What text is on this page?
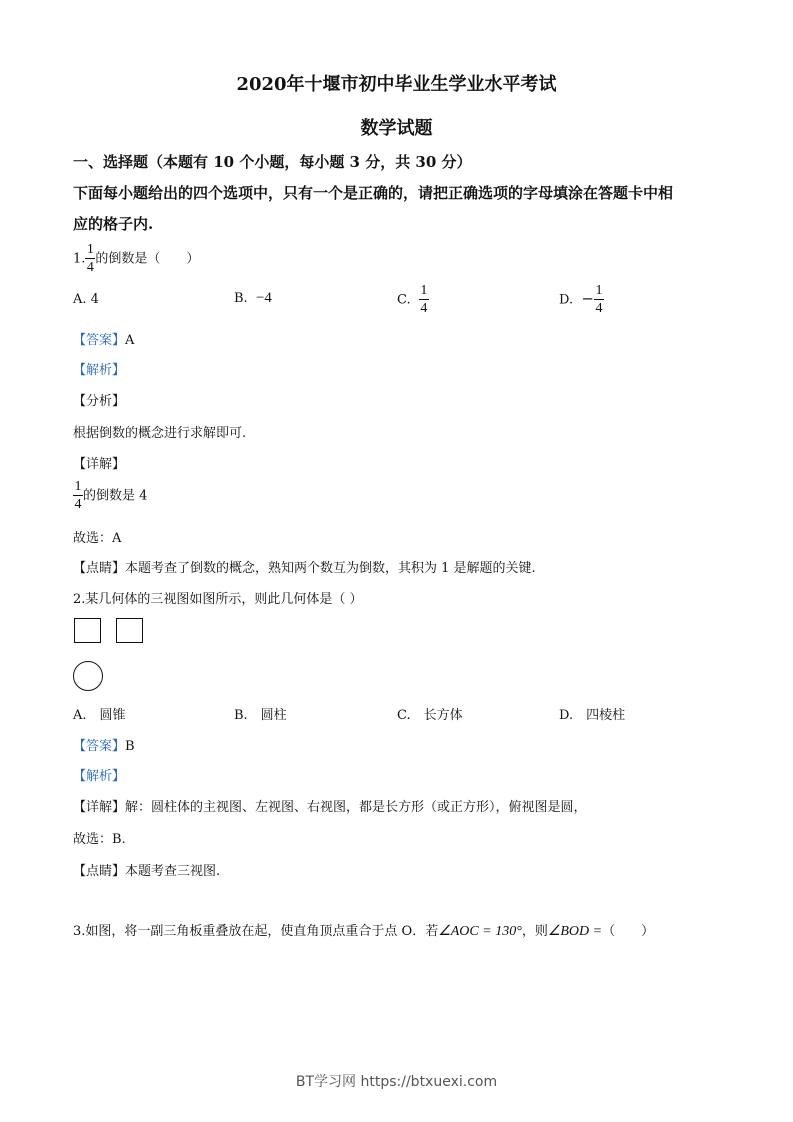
2020年十堰市初中毕业生学业水平考试
数学试题
一、选择题（本题有 10 个小题，每小题 3 分，共 30 分）
下面每小题给出的四个选项中，只有一个是正确的，请把正确选项的字母填涂在答题卡中相
应的格子内.
1. $\frac{1}{4}$ 的倒数是（　　）
A. 4	B. −4	C. $\frac{1}{4}$	D. − $\frac{1}{4}$
【答案】A
【解析】
【分析】
根据倒数的概念进行求解即可.
【详解】
$\frac{1}{4}$ 的倒数是 4
故选：A
【点睛】本题考查了倒数的概念，熟知两个数互为倒数，其积为 1 是解题的关键.
2.某几何体的三视图如图所示，则此几何体是（ ）
A.　圆锥	B.　圆柱	C.　长方体	D.　四棱柱
【答案】B
【解析】
【详解】解：圆柱体的主视图、左视图、右视图，都是长方形（或正方形），俯视图是圆，
故选：B.
【点睛】本题考查三视图.
3.如图，将一副三角板重叠放在起，使直角顶点重合于点 O．若∠AOC = 130°，则∠BOD =（　　）
BT学习网 https://btxuexi.com
